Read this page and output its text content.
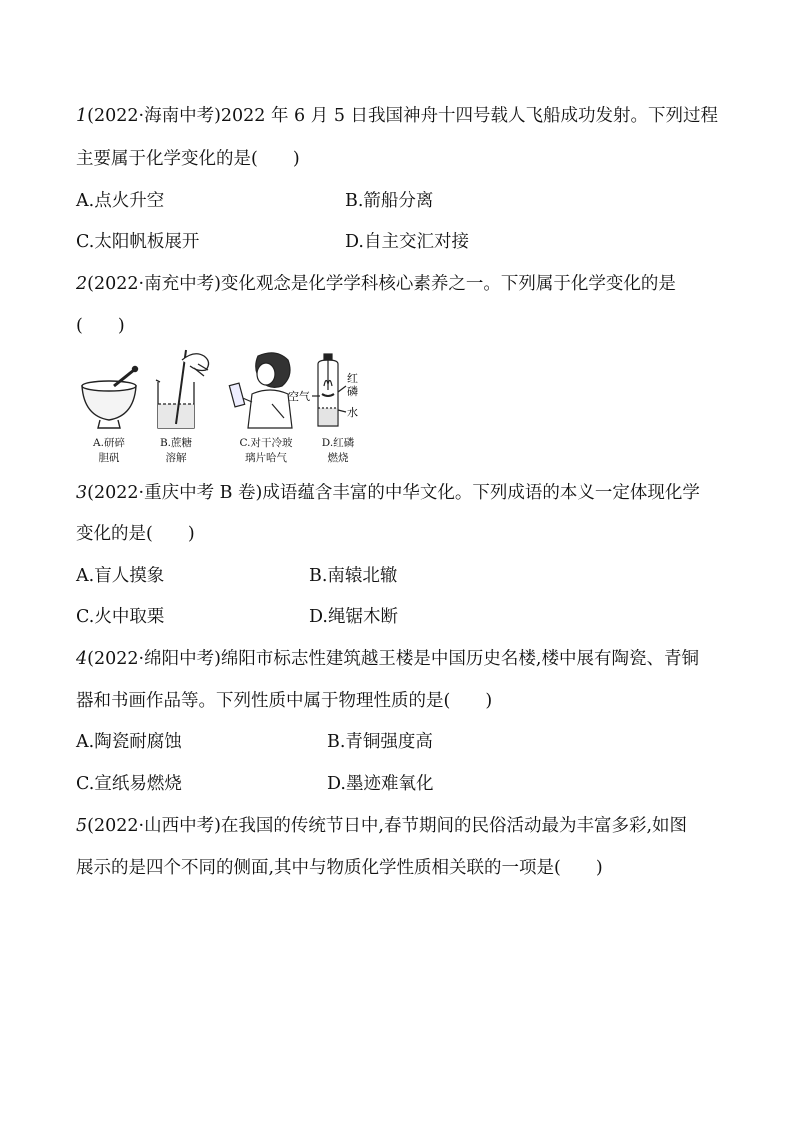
1(2022·海南中考)2022 年 6 月 5 日我国神舟十四号载人飞船成功发射。下列过程
主要属于化学变化的是(　　)
A.点火升空	B.箭船分离
C.太阳帆板展开	D.自主交汇对接
2(2022·南充中考)变化观念是化学学科核心素养之一。下列属于化学变化的是
(　　)
空气
红
磷
水
A.研碎
胆矾
B.蔗糖
溶解
C.对干冷玻
璃片哈气
D.红磷
燃烧
3(2022·重庆中考 B 卷)成语蕴含丰富的中华文化。下列成语的本义一定体现化学
变化的是(　　)
A.盲人摸象	B.南辕北辙
C.火中取栗	D.绳锯木断
4(2022·绵阳中考)绵阳市标志性建筑越王楼是中国历史名楼,楼中展有陶瓷、青铜
器和书画作品等。下列性质中属于物理性质的是(　　)
A.陶瓷耐腐蚀	B.青铜强度高
C.宣纸易燃烧	D.墨迹难氧化
5(2022·山西中考)在我国的传统节日中,春节期间的民俗活动最为丰富多彩,如图
展示的是四个不同的侧面,其中与物质化学性质相关联的一项是(　　)
